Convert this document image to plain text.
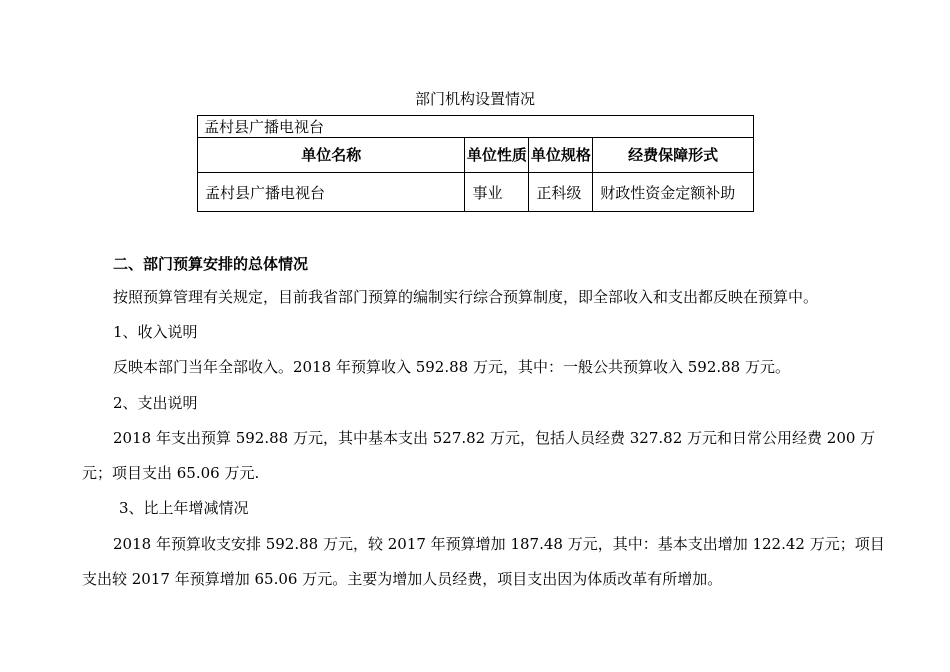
部门机构设置情况
孟村县广播电视台			
单位名称	单位性质	单位规格	经费保障形式
孟村县广播电视台	事业	正科级	财政性资金定额补助
二、部门预算安排的总体情况
按照预算管理有关规定，目前我省部门预算的编制实行综合预算制度，即全部收入和支出都反映在预算中。
1、收入说明
反映本部门当年全部收入。2018 年预算收入 592.88 万元，其中：一般公共预算收入 592.88 万元。
2、支出说明
2018 年支出预算 592.88 万元，其中基本支出 527.82 万元，包括人员经费 327.82 万元和日常公用经费 200 万
元；项目支出 65.06 万元.
3、比上年增减情况
2018 年预算收支安排 592.88 万元，较 2017 年预算增加 187.48 万元，其中：基本支出增加 122.42 万元；项目
支出较 2017 年预算增加 65.06 万元。主要为增加人员经费，项目支出因为体质改革有所增加。
